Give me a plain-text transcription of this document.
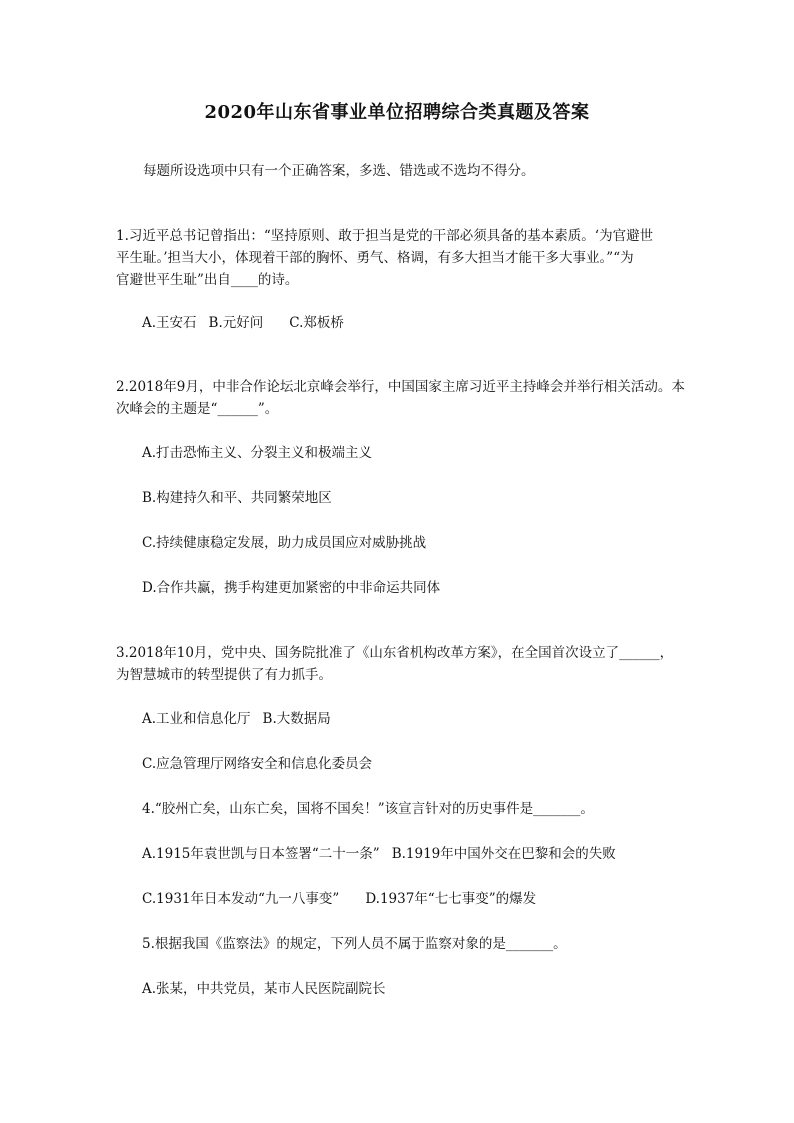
2020年山东省事业单位招聘综合类真题及答案
每题所设选项中只有一个正确答案，多选、错选或不选均不得分。

1.习近平总书记曾指出：“坚持原则、敢于担当是党的干部必须具备的基本素质。‘为官避世

平生耻。’担当大小，体现着干部的胸怀、勇气、格调，有多大担当才能干多大事业。”“为

官避世平生耻”出自____的诗。

A.王安石 B.元好问 C.郑板桥

2.2018年9月，中非合作论坛北京峰会举行，中国国家主席习近平主持峰会并举行相关活动。本

次峰会的主题是“______”。

A.打击恐怖主义、分裂主义和极端主义
B.构建持久和平、共同繁荣地区
C.持续健康稳定发展，助力成员国应对威胁挑战
D.合作共赢，携手构建更加紧密的中非命运共同体

3.2018年10月，党中央、国务院批准了《山东省机构改革方案》，在全国首次设立了______，

为智慧城市的转型提供了有力抓手。

A.工业和信息化厅 B.大数据局
C.应急管理厅网络安全和信息化委员会
4.“胶州亡矣，山东亡矣，国将不国矣！”该宣言针对的历史事件是_______。
A.1915年袁世凯与日本签署“二十一条” B.1919年中国外交在巴黎和会的失败
C.1931年日本发动“九一八事变” D.1937年“七七事变”的爆发
5.根据我国《监察法》的规定，下列人员不属于监察对象的是_______。
A.张某，中共党员，某市人民医院副院长
